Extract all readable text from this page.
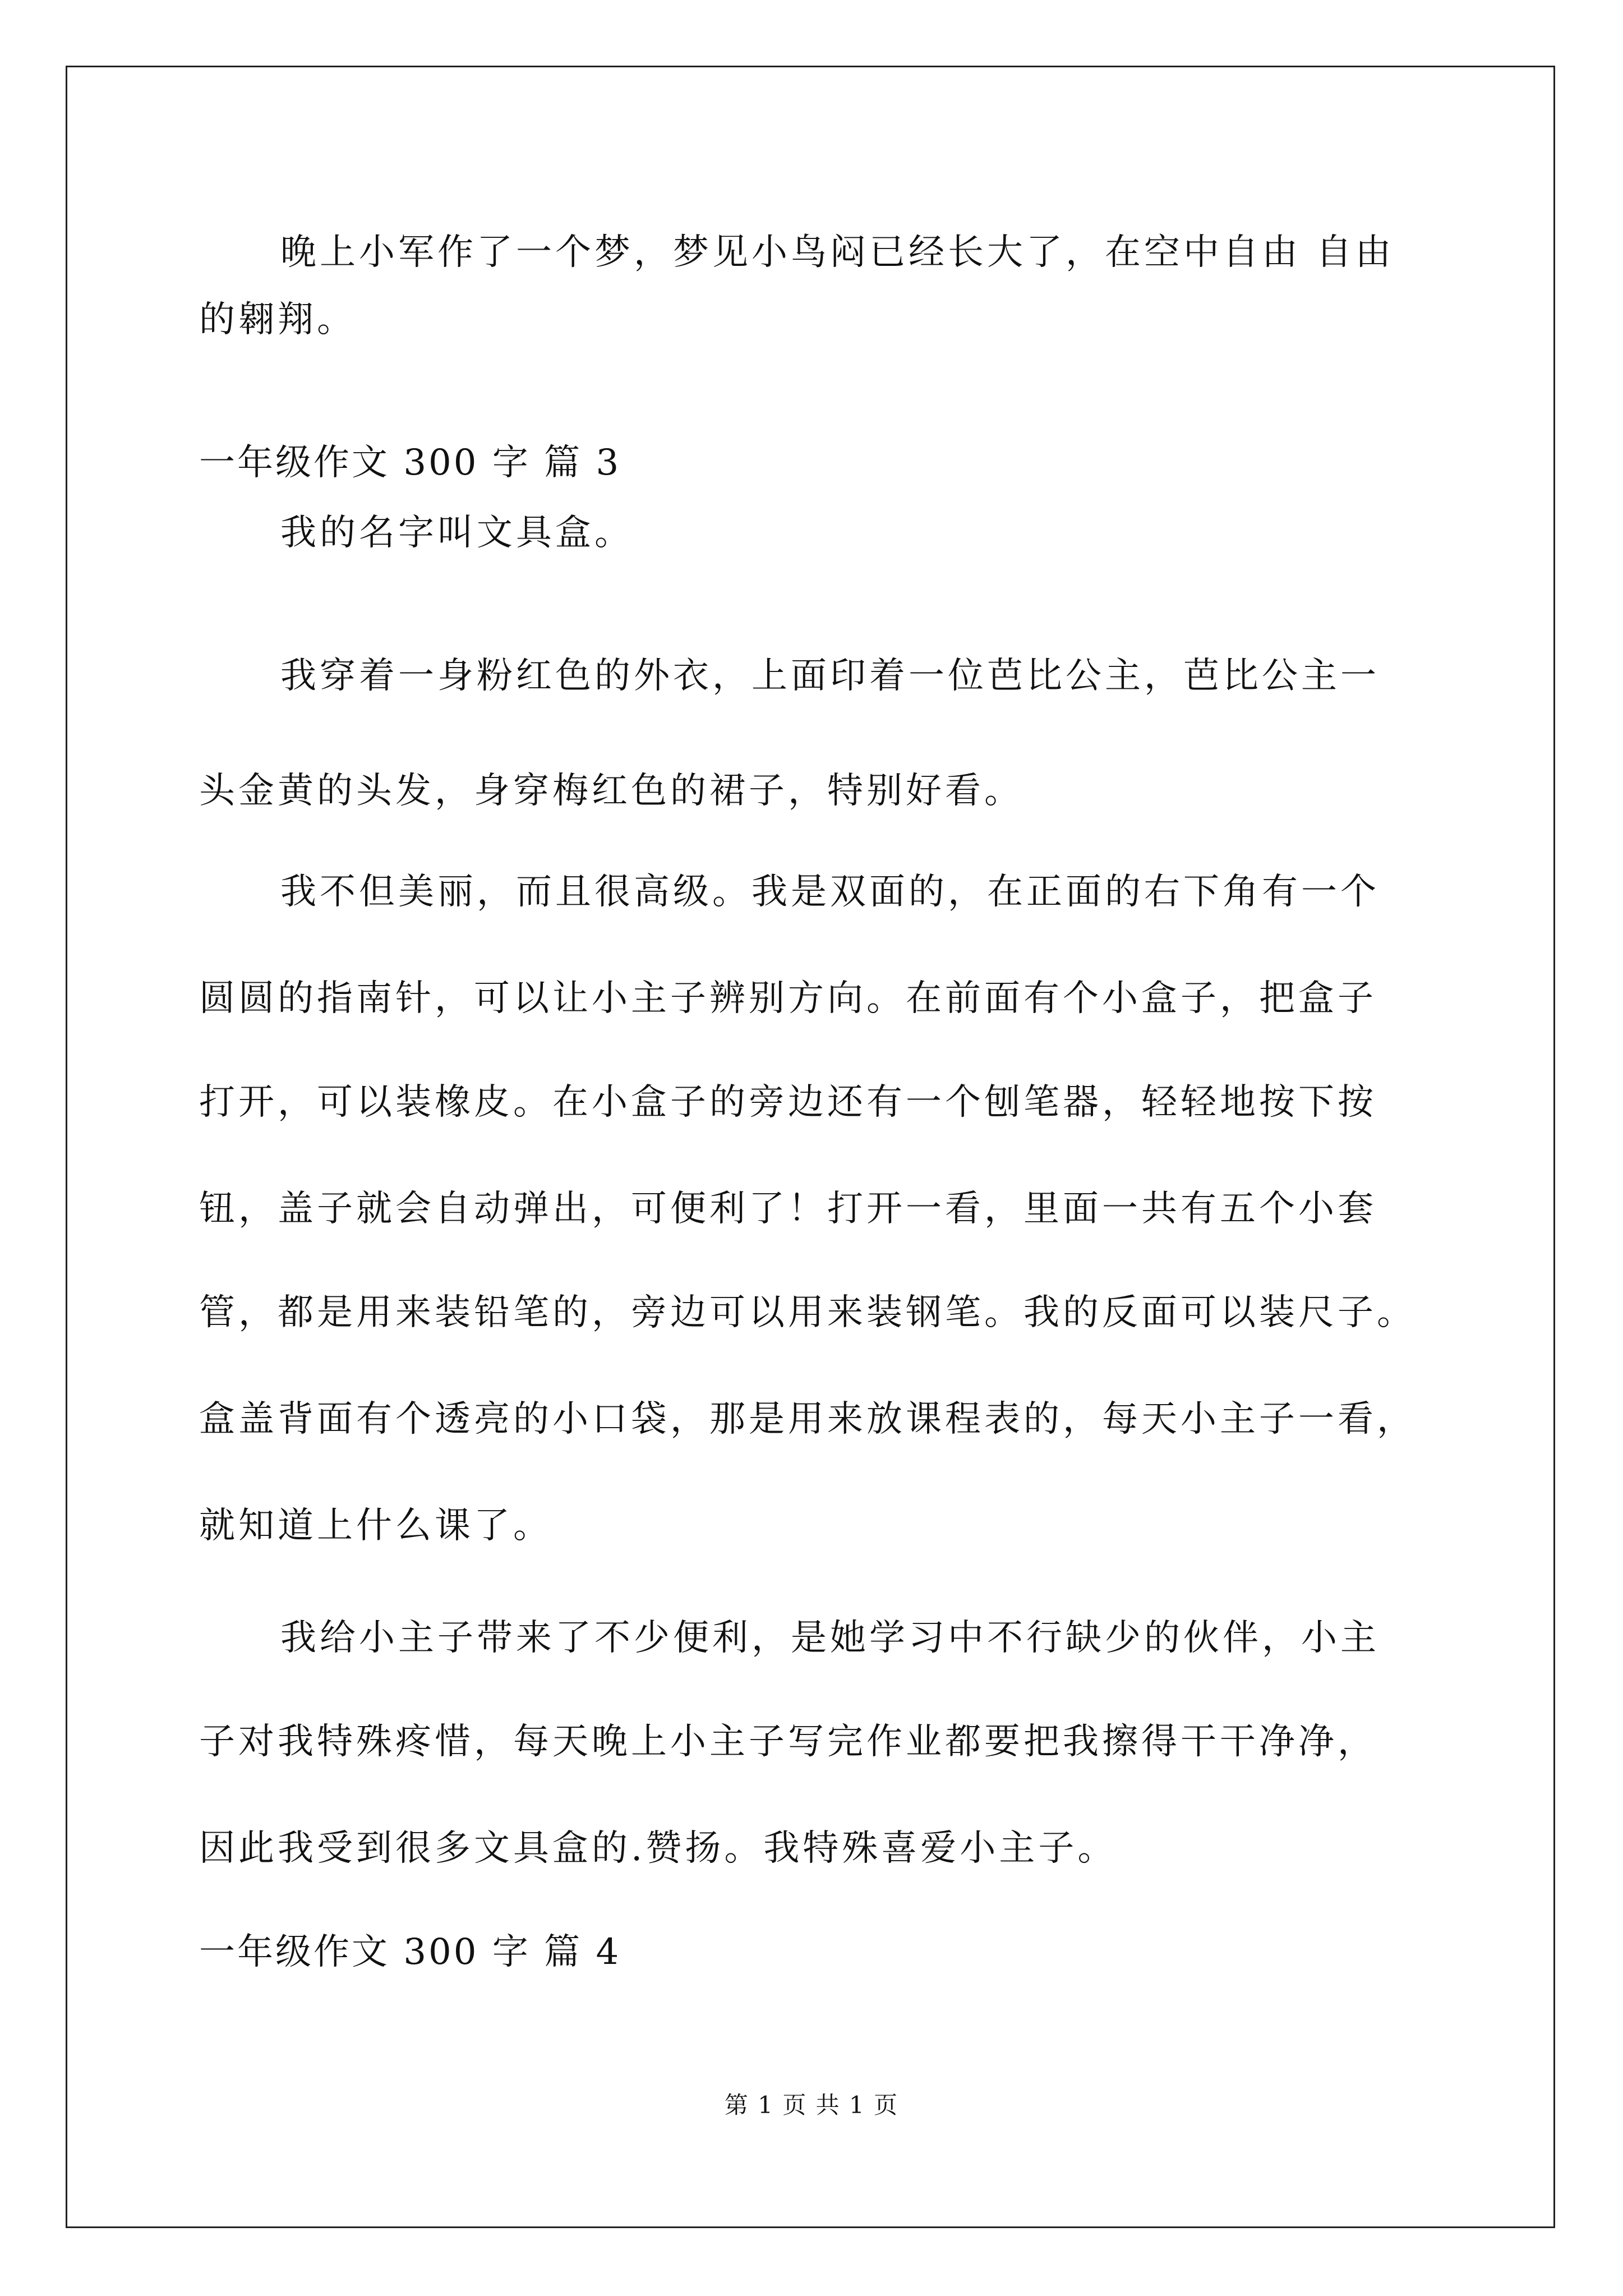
晚上小军作了一个梦，梦见小鸟闷已经长大了，在空中自由 自由
的翱翔。
一年级作文 300 字 篇 3
我的名字叫文具盒。
我穿着一身粉红色的外衣，上面印着一位芭比公主，芭比公主一
头金黄的头发，身穿梅红色的裙子，特别好看。
我不但美丽，而且很高级。我是双面的，在正面的右下角有一个
圆圆的指南针，可以让小主子辨别方向。在前面有个小盒子，把盒子
打开，可以装橡皮。在小盒子的旁边还有一个刨笔器，轻轻地按下按
钮，盖子就会自动弹出，可便利了！打开一看，里面一共有五个小套
管，都是用来装铅笔的，旁边可以用来装钢笔。我的反面可以装尺子。
盒盖背面有个透亮的小口袋，那是用来放课程表的，每天小主子一看，
就知道上什么课了。
我给小主子带来了不少便利，是她学习中不行缺少的伙伴，小主
子对我特殊疼惜，每天晚上小主子写完作业都要把我擦得干干净净，
因此我受到很多文具盒的.赞扬。我特殊喜爱小主子。
一年级作文 300 字 篇 4
第 1 页 共 1 页
